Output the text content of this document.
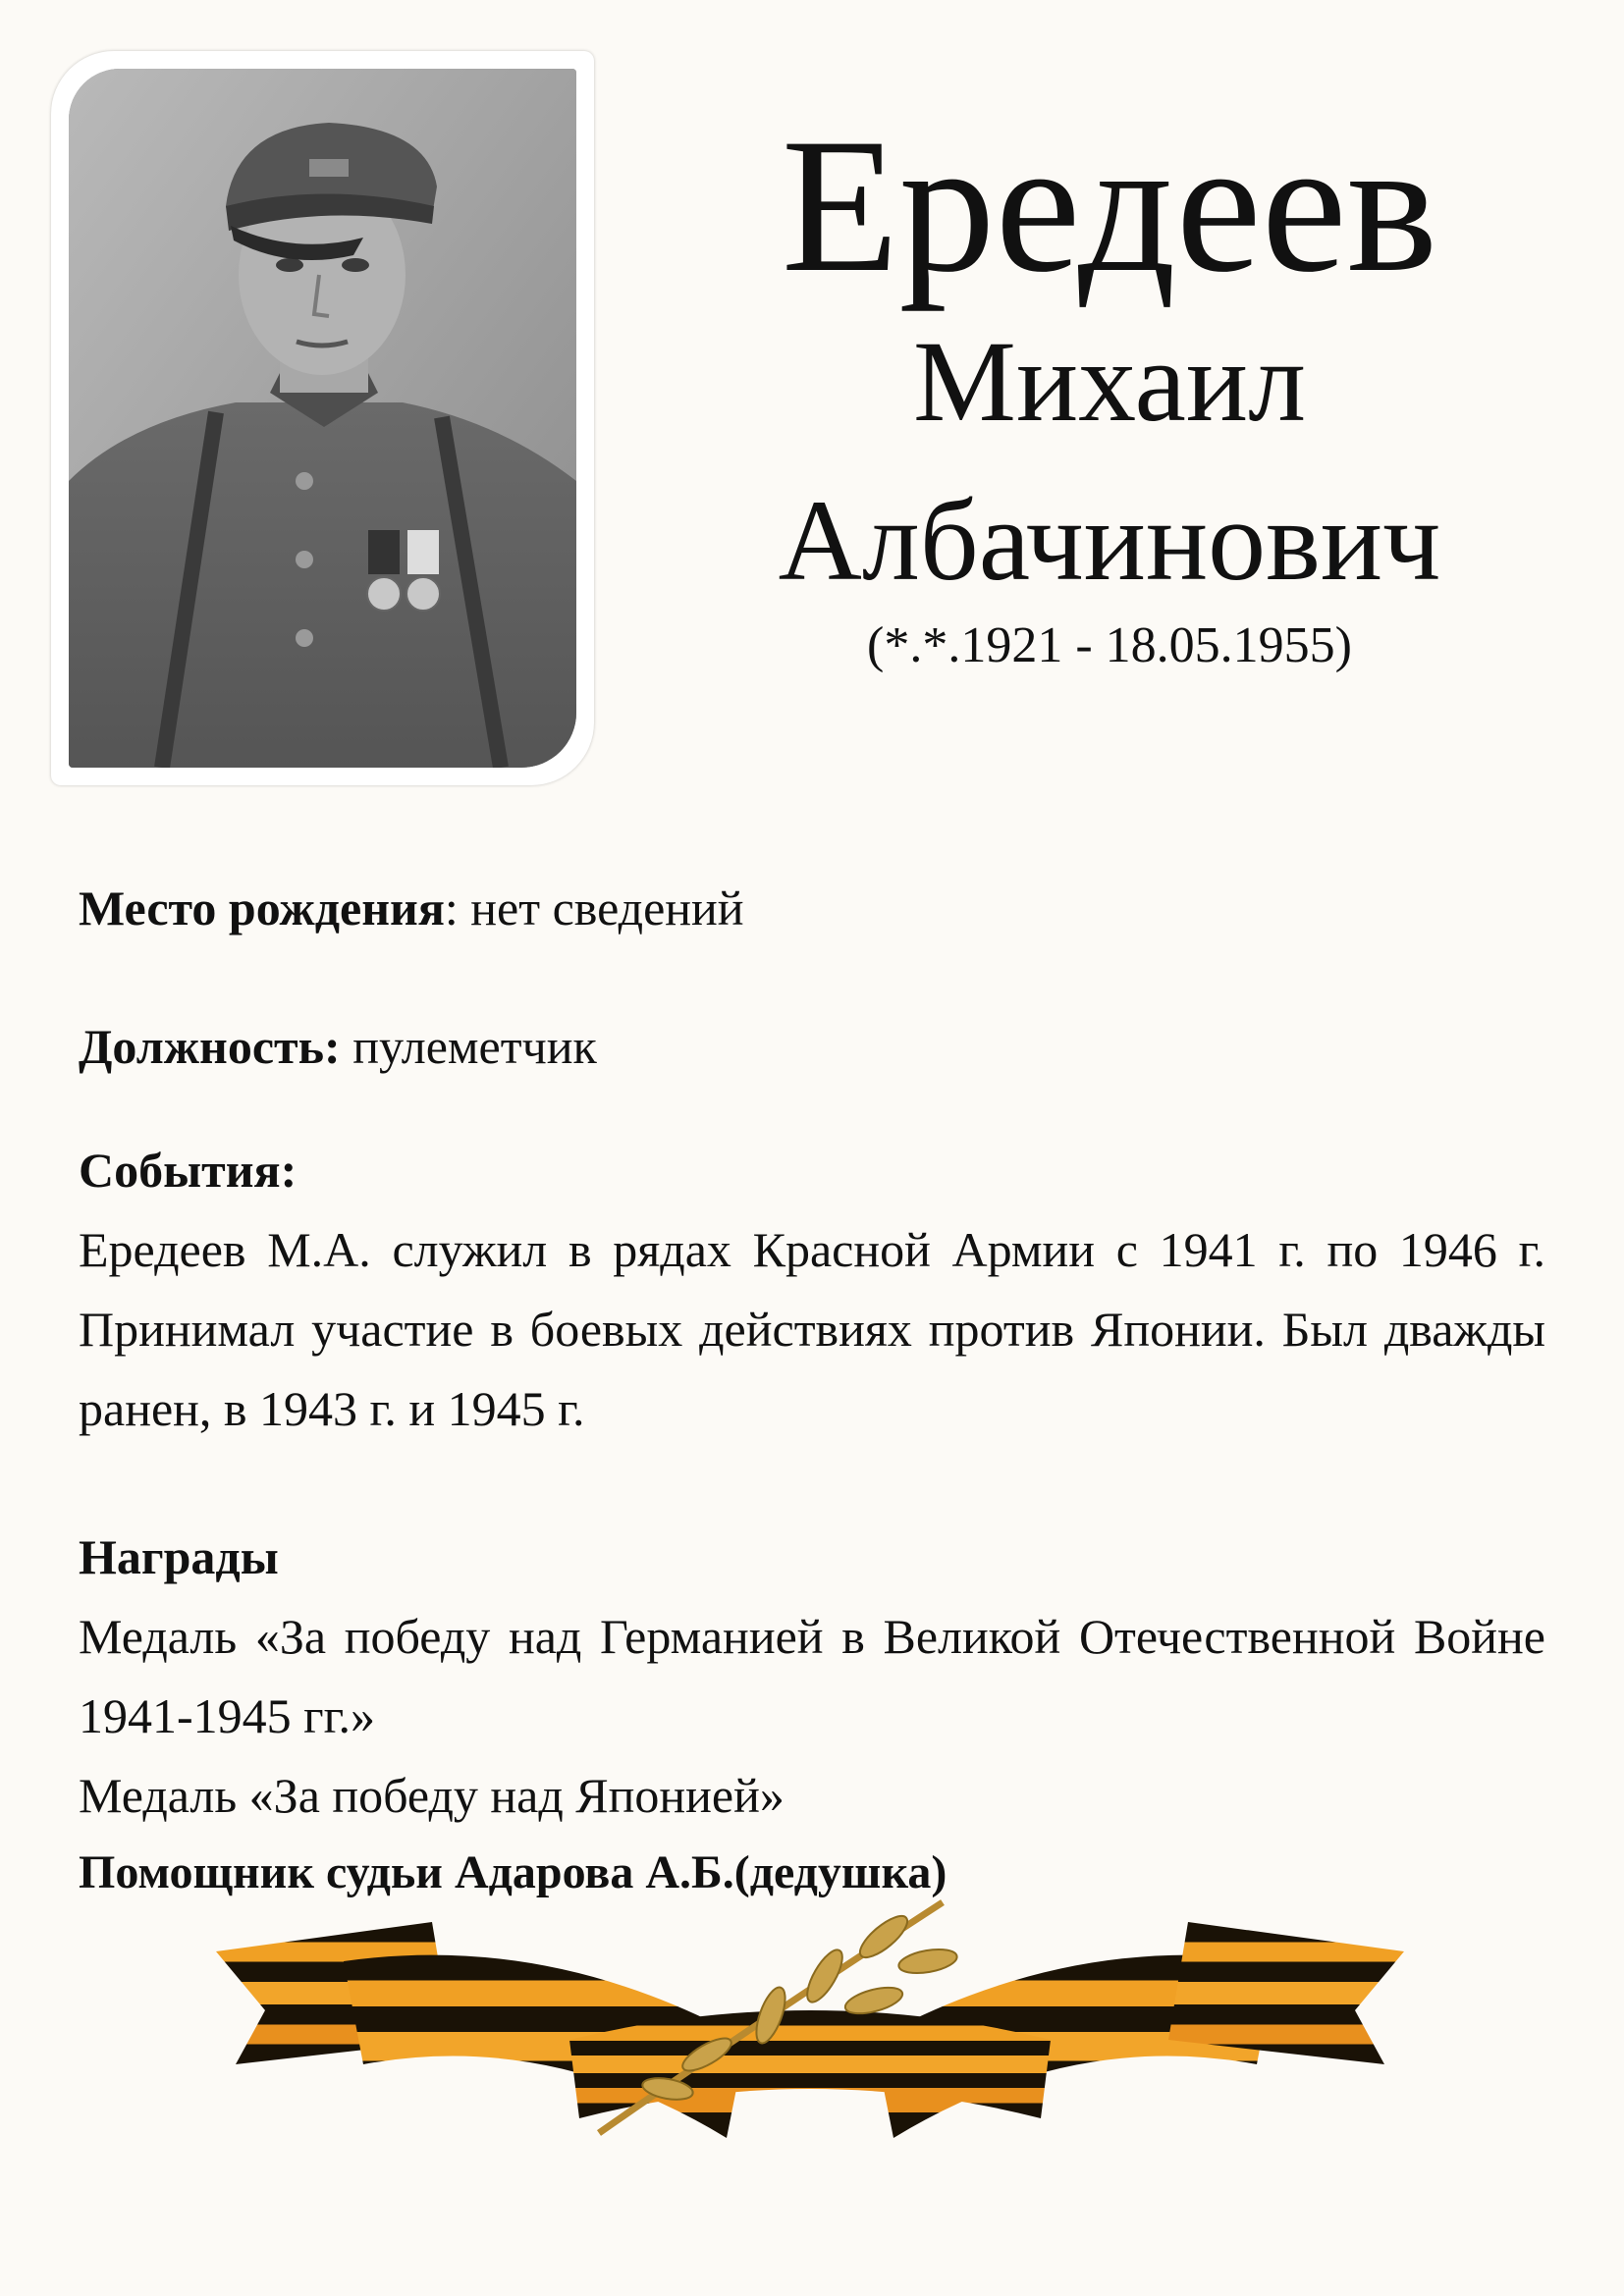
Ередеев
Михаил
Албачинович
(*.*.1921 - 18.05.1955)

Место рождения: нет сведений

Должность: пулеметчик

События:

Ередеев М.А. служил в рядах Красной Армии с 1941 г. по 1946 г. Принимал участие в боевых действиях против Японии. Был дважды ранен, в 1943 г. и 1945 г.

Награды

Медаль «За победу над Германией в Великой Отечественной Войне 1941-1945 гг.»

Медаль «За победу над Японией»

Помощник судьи Адарова А.Б.(дедушка)
